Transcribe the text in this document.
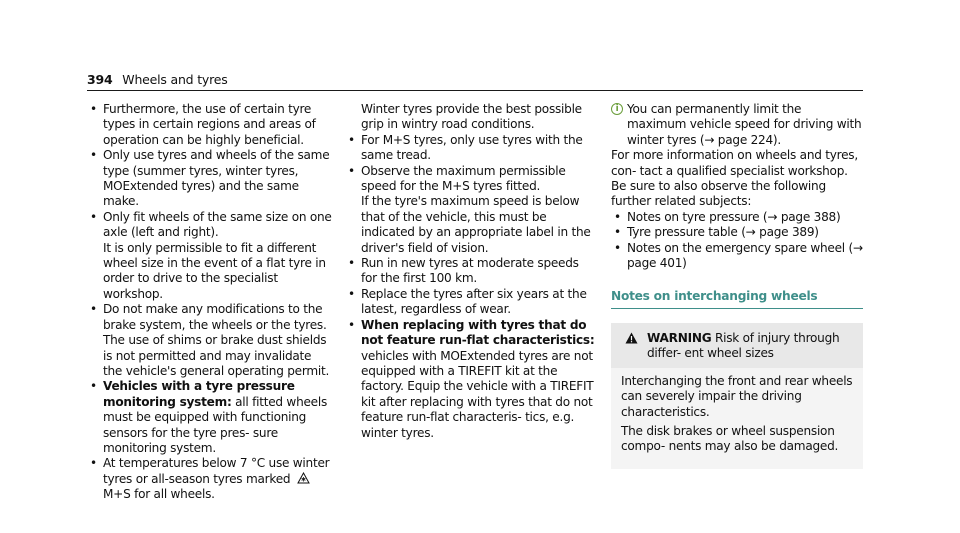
394 Wheels and tyres
• Furthermore, the use of certain tyre types in certain regions and areas of operation can be highly beneficial.

• Only use tyres and wheels of the same type (summer tyres, winter tyres, MOExtended tyres) and the same make.

• Only fit wheels of the same size on one axle (left and right).

It is only permissible to fit a different wheel size in the event of a flat tyre in order to drive to the specialist workshop.

• Do not make any modifications to the brake system, the wheels or the tyres.

The use of shims or brake dust shields is not permitted and may invalidate the vehicle's general operating permit.

• Vehicles with a tyre pressure monitoring system: all fitted wheels must be equipped with functioning sensors for the tyre pres- sure monitoring system.

• At temperatures below 7 °C use winter tyres or all-season tyres marked  M+S for all wheels.

Winter tyres provide the best possible grip in wintry road conditions.

• For M+S tyres, only use tyres with the same tread.

• Observe the maximum permissible speed for the M+S tyres fitted.

If the tyre's maximum speed is below that of the vehicle, this must be indicated by an appropriate label in the driver's field of vision.

• Run in new tyres at moderate speeds for the first 100 km.

• Replace the tyres after six years at the latest, regardless of wear.

• When replacing with tyres that do not feature run-flat characteristics: vehicles with MOExtended tyres are not equipped with a TIREFIT kit at the factory. Equip the vehicle with a TIREFIT kit after replacing with tyres that do not feature run-flat characteris- tics, e.g. winter tyres.

i You can permanently limit the maximum vehicle speed for driving with winter tyres (→ page 224).

For more information on wheels and tyres, con- tact a qualified specialist workshop.

Be sure to also observe the following further related subjects:

• Notes on tyre pressure (→ page 388)

• Tyre pressure table (→ page 389)

• Notes on the emergency spare wheel (→ page 401)

Notes on interchanging wheels

WARNING Risk of injury through differ- ent wheel sizes

Interchanging the front and rear wheels can severely impair the driving characteristics.

The disk brakes or wheel suspension compo- nents may also be damaged.
